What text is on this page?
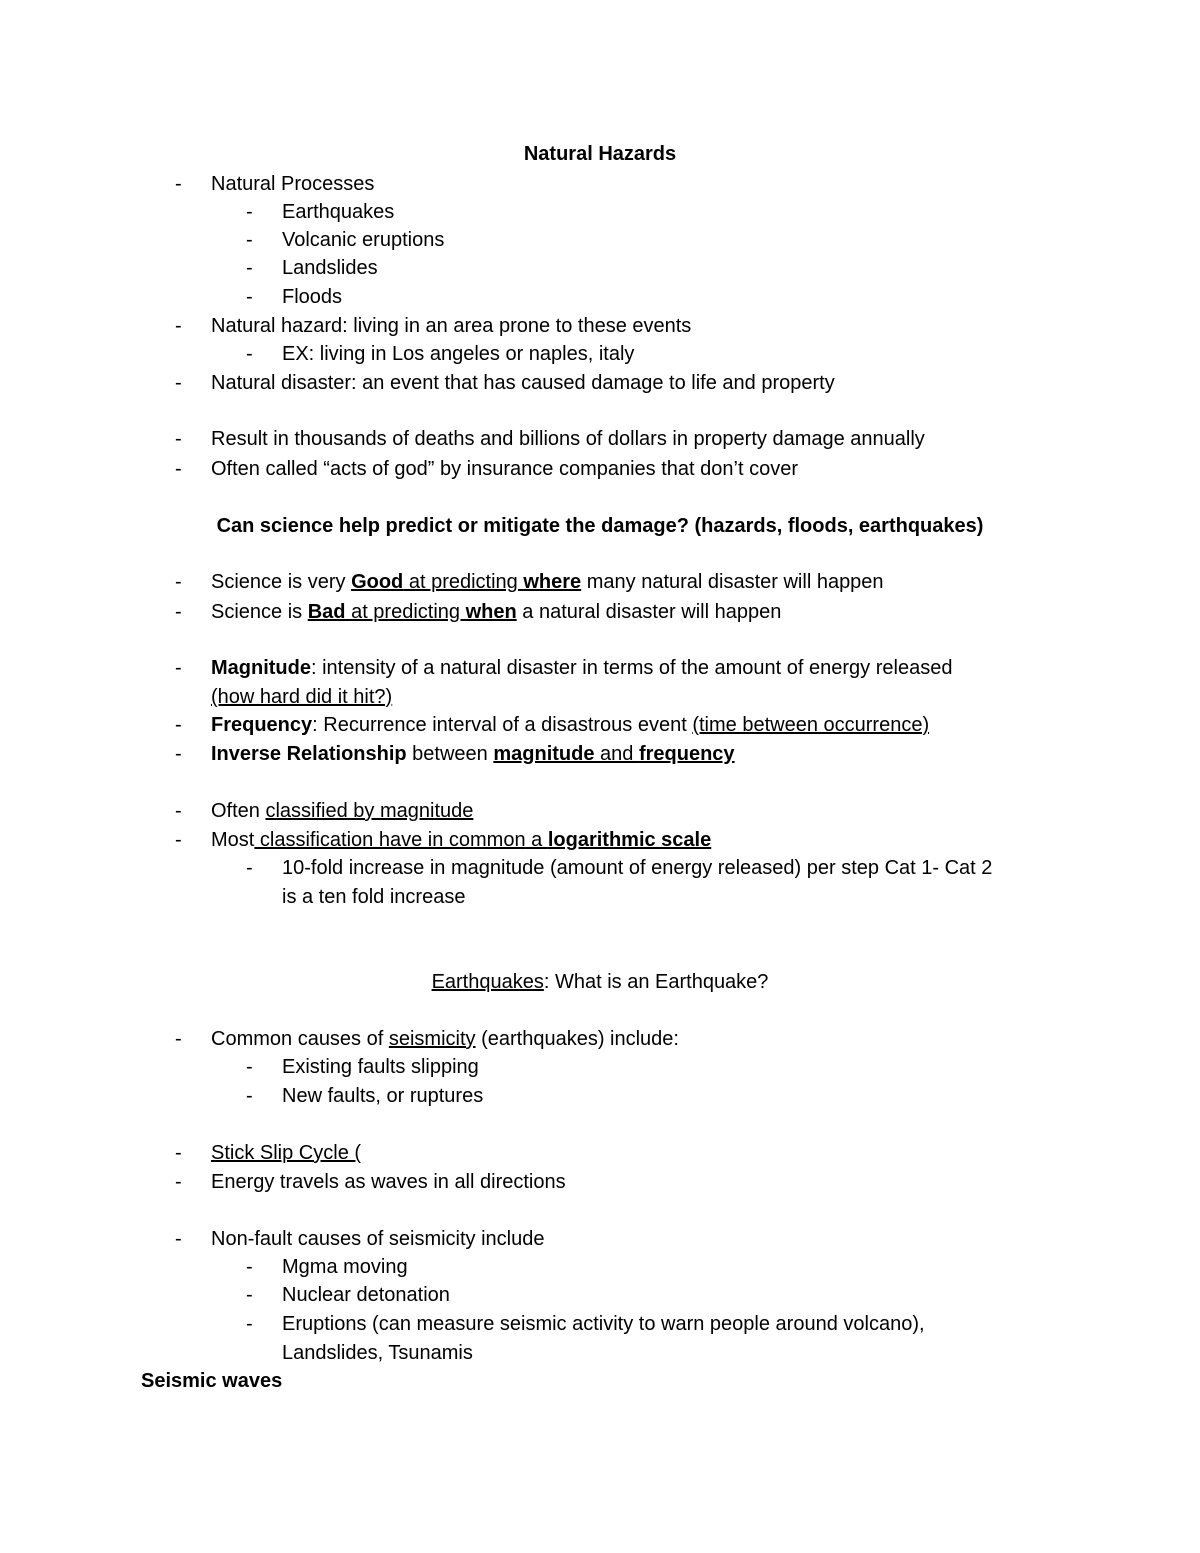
Natural Hazards
- Natural Processes
- Earthquakes
- Volcanic eruptions
- Landslides
- Floods
- Natural hazard: living in an area prone to these events
- EX: living in Los angeles or naples, italy
- Natural disaster: an event that has caused damage to life and property
- Result in thousands of deaths and billions of dollars in property damage annually
- Often called “acts of god” by insurance companies that don’t cover
Can science help predict or mitigate the damage? (hazards, floods, earthquakes)
- Science is very Good at predicting where many natural disaster will happen
- Science is Bad at predicting when a natural disaster will happen
- Magnitude: intensity of a natural disaster in terms of the amount of energy released
(how hard did it hit?)
- Frequency: Recurrence interval of a disastrous event (time between occurrence)
- Inverse Relationship between magnitude and frequency
- Often classified by magnitude
- Most classification have in common a logarithmic scale
- 10-fold increase in magnitude (amount of energy released) per step Cat 1- Cat 2
is a ten fold increase
Earthquakes: What is an Earthquake?
- Common causes of seismicity (earthquakes) include:
- Existing faults slipping
- New faults, or ruptures
- Stick Slip Cycle (
- Energy travels as waves in all directions
- Non-fault causes of seismicity include
- Mgma moving
- Nuclear detonation
- Eruptions (can measure seismic activity to warn people around volcano),
Landslides, Tsunamis
Seismic waves
